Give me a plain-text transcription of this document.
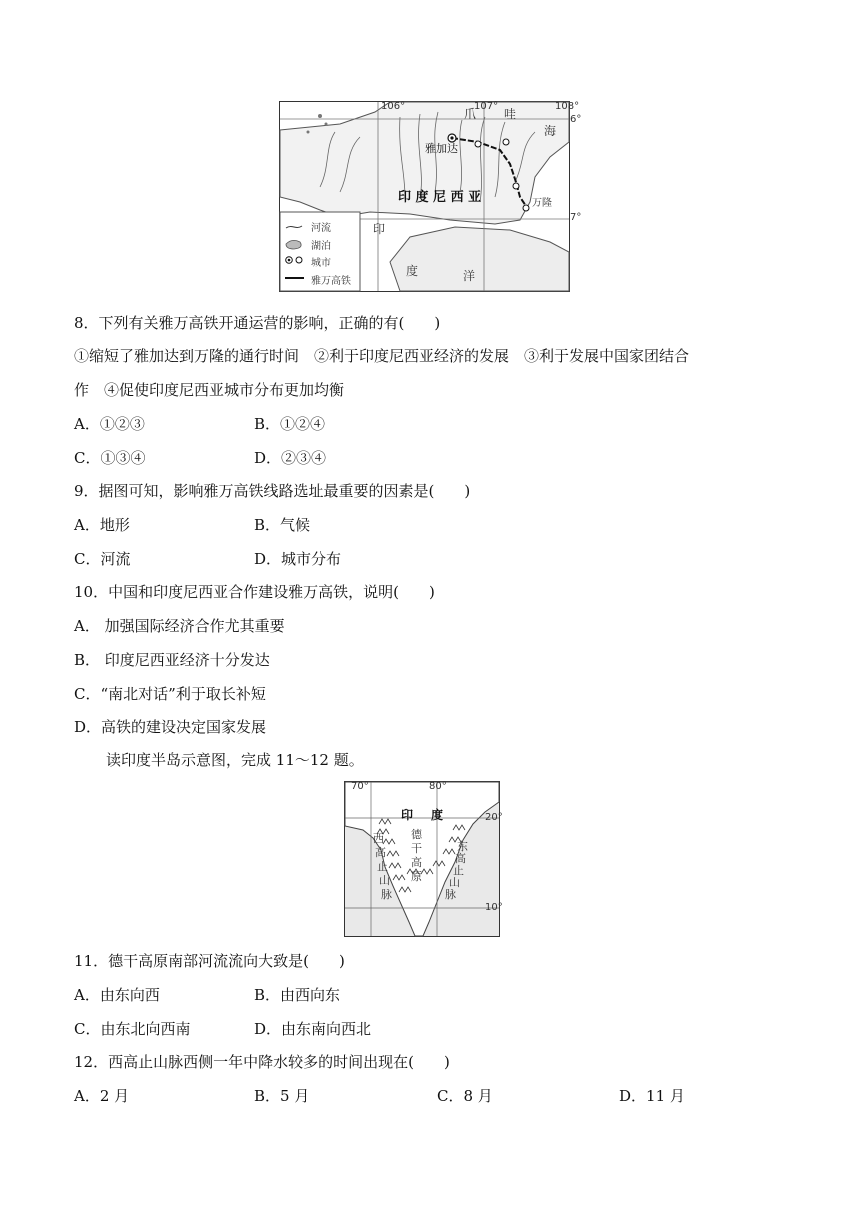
106°	107°	108°
6°
7°
爪 哇
海
雅加达
万隆
印 度 尼 西 亚
印
度	洋
河流
湖泊
城市
雅万高铁
8．下列有关雅万高铁开通运营的影响，正确的有(　　)
①缩短了雅加达到万隆的通行时间　②利于印度尼西亚经济的发展　③利于发展中国家团结合
作　④促使印度尼西亚城市分布更加均衡
A．①②③	B．①②④
C．①③④	D．②③④
9．据图可知，影响雅万高铁线路选址最重要的因素是(　　)
A．地形	B．气候
C．河流	D．城市分布
10．中国和印度尼西亚合作建设雅万高铁，说明(　　)
A． 加强国际经济合作尤其重要
B． 印度尼西亚经济十分发达
C．“南北对话”利于取长补短
D．高铁的建设决定国家发展
读印度半岛示意图，完成 11～12 题。
70°	80°
20°
10°
印 度
德
干
高
原
西
高
止
山
脉
东
高
止
山
脉
11．德干高原南部河流流向大致是(　　)
A．由东向西	B．由西向东
C．由东北向西南	D．由东南向西北
12．西高止山脉西侧一年中降水较多的时间出现在(　　)
A．2 月	B．5 月	C．8 月	D．11 月
